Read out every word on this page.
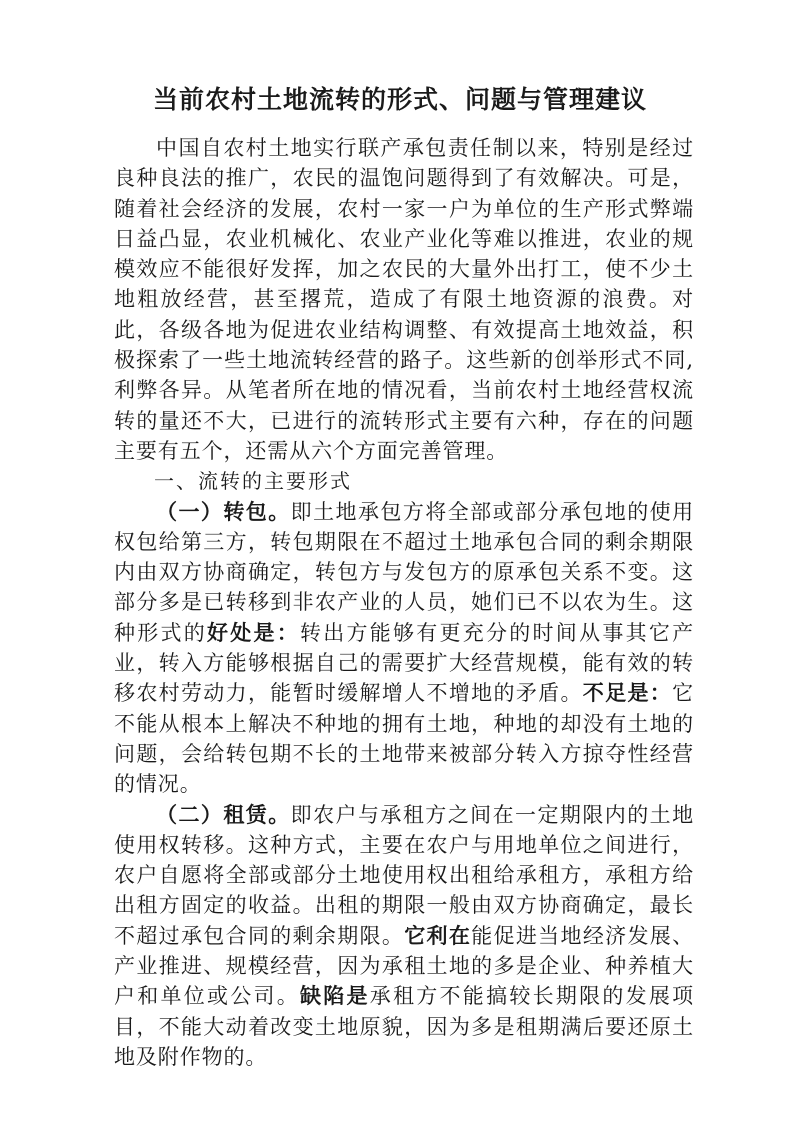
当前农村土地流转的形式、问题与管理建议

中国自农村土地实行联产承包责任制以来，特别是经过良种良法的推广，农民的温饱问题得到了有效解决。可是，随着社会经济的发展，农村一家一户为单位的生产形式弊端日益凸显，农业机械化、农业产业化等难以推进，农业的规模效应不能很好发挥，加之农民的大量外出打工，使不少土地粗放经营，甚至撂荒，造成了有限土地资源的浪费。对此，各级各地为促进农业结构调整、有效提高土地效益，积极探索了一些土地流转经营的路子。这些新的创举形式不同,利弊各异。从笔者所在地的情况看，当前农村土地经营权流转的量还不大，已进行的流转形式主要有六种，存在的问题主要有五个，还需从六个方面完善管理。

一、流转的主要形式

（一）转包。即土地承包方将全部或部分承包地的使用权包给第三方，转包期限在不超过土地承包合同的剩余期限内由双方协商确定，转包方与发包方的原承包关系不变。这部分多是已转移到非农产业的人员，她们已不以农为生。这种形式的好处是：转出方能够有更充分的时间从事其它产业，转入方能够根据自己的需要扩大经营规模，能有效的转移农村劳动力，能暂时缓解增人不增地的矛盾。不足是：它不能从根本上解决不种地的拥有土地，种地的却没有土地的问题，会给转包期不长的土地带来被部分转入方掠夺性经营的情况。

（二）租赁。即农户与承租方之间在一定期限内的土地使用权转移。这种方式，主要在农户与用地单位之间进行，农户自愿将全部或部分土地使用权出租给承租方，承租方给出租方固定的收益。出租的期限一般由双方协商确定，最长不超过承包合同的剩余期限。它利在能促进当地经济发展、产业推进、规模经营，因为承租土地的多是企业、种养植大户和单位或公司。缺陷是承租方不能搞较长期限的发展项目，不能大动着改变土地原貌，因为多是租期满后要还原土地及附作物的。
